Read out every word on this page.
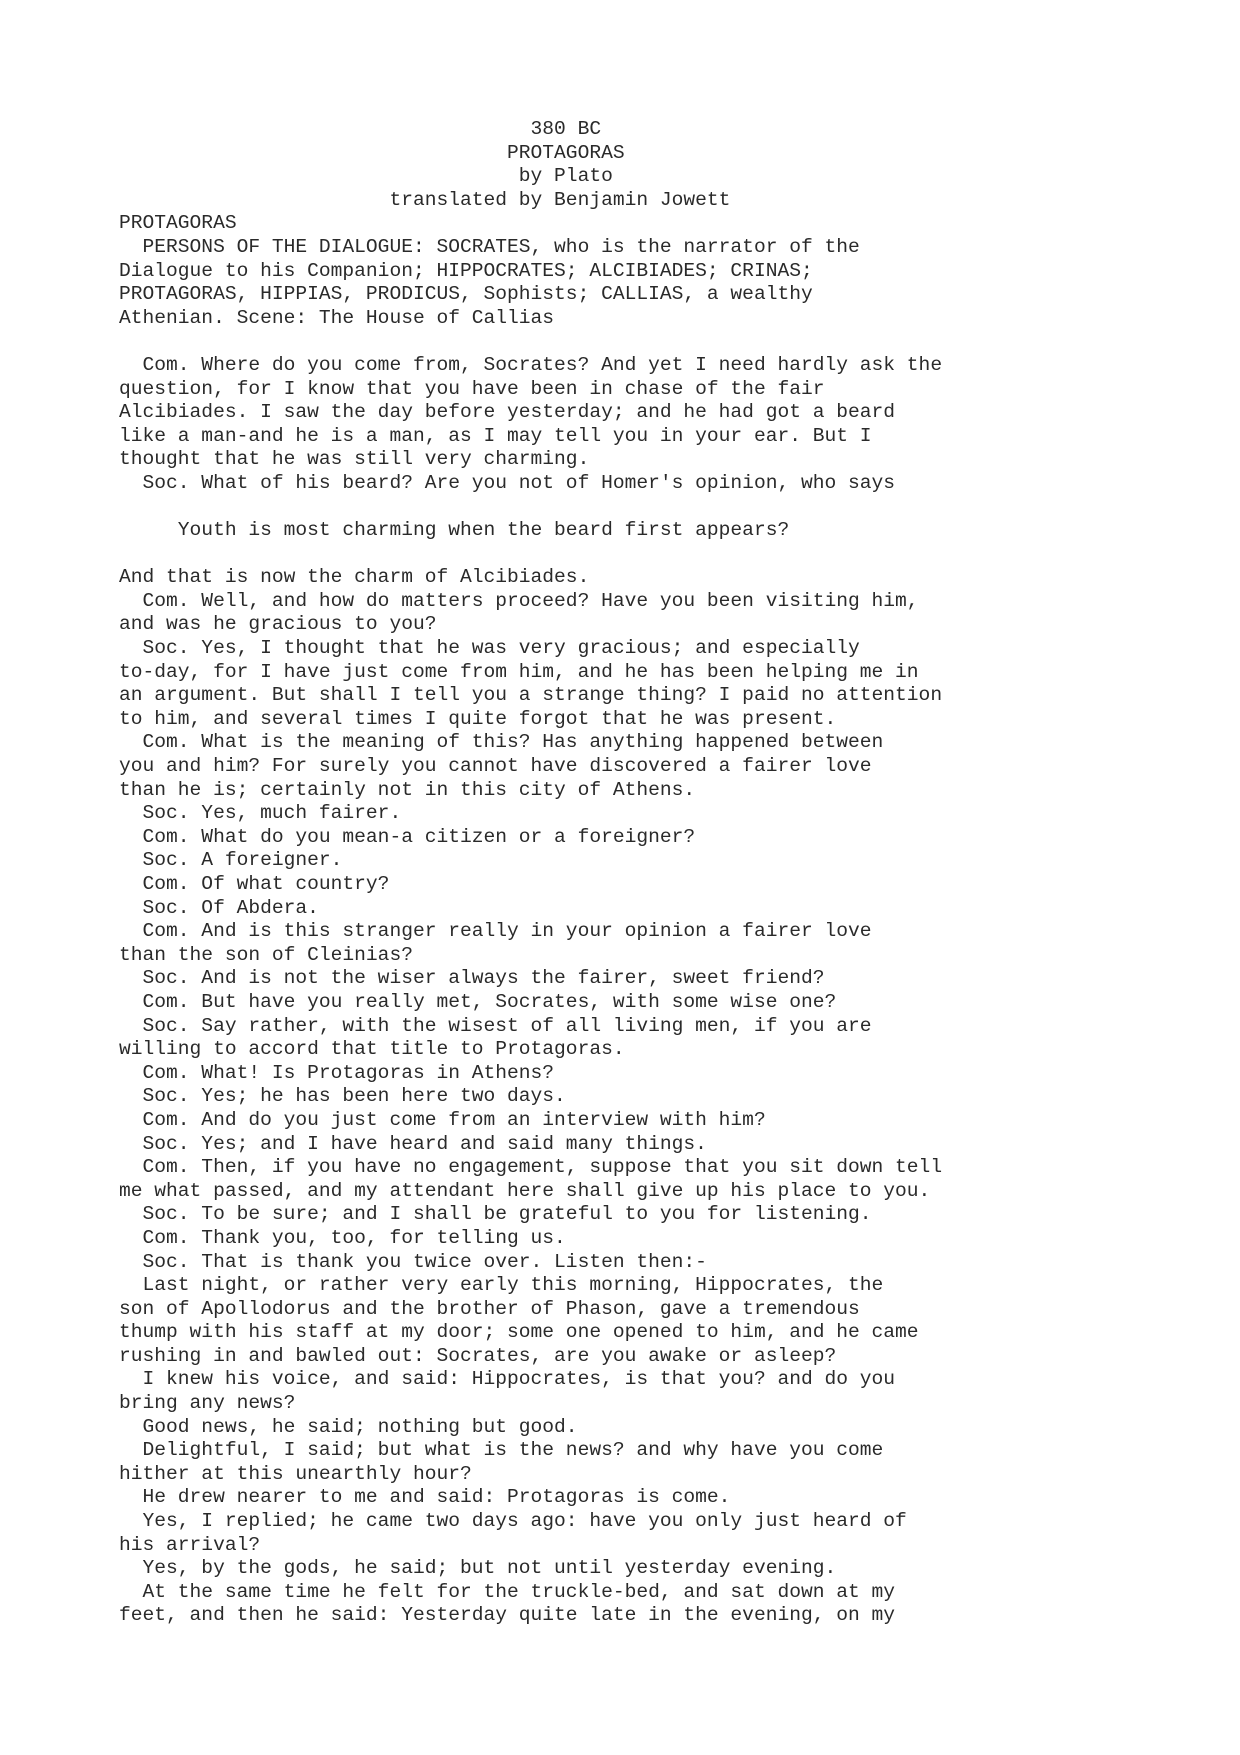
380 BC
PROTAGORAS
by Plato
translated by Benjamin Jowett
PROTAGORAS
PERSONS OF THE DIALOGUE: SOCRATES, who is the narrator of the
Dialogue to his Companion; HIPPOCRATES; ALCIBIADES; CRINAS;
PROTAGORAS, HIPPIAS, PRODICUS, Sophists; CALLIAS, a wealthy
Athenian. Scene: The House of Callias
Com. Where do you come from, Socrates? And yet I need hardly ask the
question, for I know that you have been in chase of the fair
Alcibiades. I saw the day before yesterday; and he had got a beard
like a man-and he is a man, as I may tell you in your ear. But I
thought that he was still very charming.
Soc. What of his beard? Are you not of Homer's opinion, who says
Youth is most charming when the beard first appears?
And that is now the charm of Alcibiades.
Com. Well, and how do matters proceed? Have you been visiting him,
and was he gracious to you?
Soc. Yes, I thought that he was very gracious; and especially
to-day, for I have just come from him, and he has been helping me in
an argument. But shall I tell you a strange thing? I paid no attention
to him, and several times I quite forgot that he was present.
Com. What is the meaning of this? Has anything happened between
you and him? For surely you cannot have discovered a fairer love
than he is; certainly not in this city of Athens.
Soc. Yes, much fairer.
Com. What do you mean-a citizen or a foreigner?
Soc. A foreigner.
Com. Of what country?
Soc. Of Abdera.
Com. And is this stranger really in your opinion a fairer love
than the son of Cleinias?
Soc. And is not the wiser always the fairer, sweet friend?
Com. But have you really met, Socrates, with some wise one?
Soc. Say rather, with the wisest of all living men, if you are
willing to accord that title to Protagoras.
Com. What! Is Protagoras in Athens?
Soc. Yes; he has been here two days.
Com. And do you just come from an interview with him?
Soc. Yes; and I have heard and said many things.
Com. Then, if you have no engagement, suppose that you sit down tell
me what passed, and my attendant here shall give up his place to you.
Soc. To be sure; and I shall be grateful to you for listening.
Com. Thank you, too, for telling us.
Soc. That is thank you twice over. Listen then:-
Last night, or rather very early this morning, Hippocrates, the
son of Apollodorus and the brother of Phason, gave a tremendous
thump with his staff at my door; some one opened to him, and he came
rushing in and bawled out: Socrates, are you awake or asleep?
I knew his voice, and said: Hippocrates, is that you? and do you
bring any news?
Good news, he said; nothing but good.
Delightful, I said; but what is the news? and why have you come
hither at this unearthly hour?
He drew nearer to me and said: Protagoras is come.
Yes, I replied; he came two days ago: have you only just heard of
his arrival?
Yes, by the gods, he said; but not until yesterday evening.
At the same time he felt for the truckle-bed, and sat down at my
feet, and then he said: Yesterday quite late in the evening, on my
